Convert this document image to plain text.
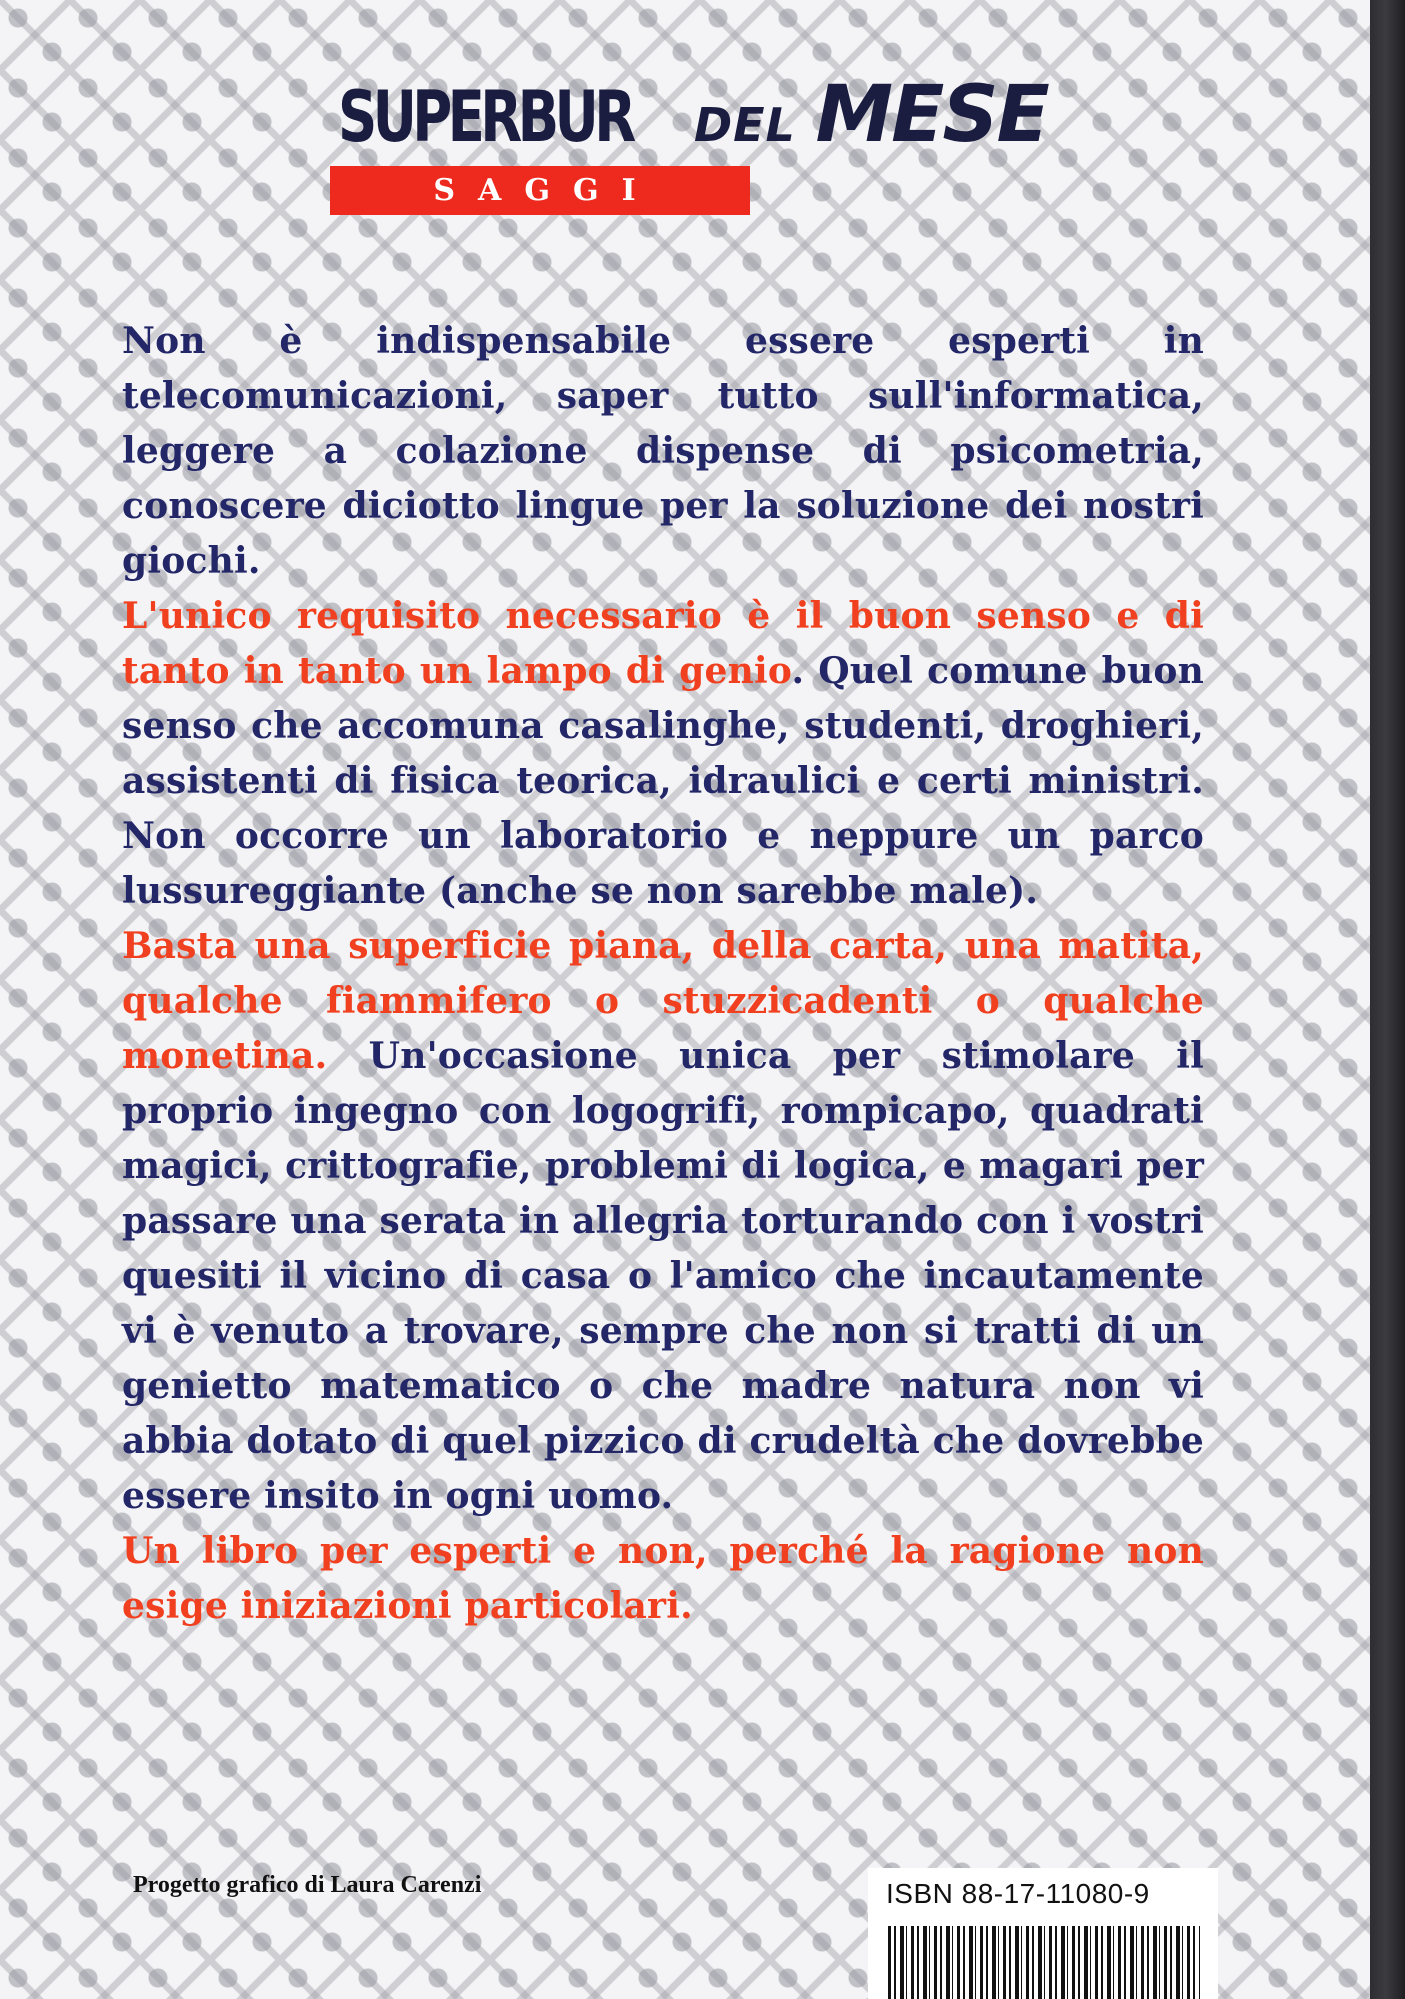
SUPERBUR DEL MESE
SAGGI

Non è indispensabile essere esperti in telecomunicazioni, saper tutto sull'informatica, leggere a colazione dispense di psicometria, conoscere diciotto lingue per la soluzione dei nostri giochi.

L'unico requisito necessario è il buon senso e di tanto in tanto un lampo di genio. Quel comune buon senso che accomuna casalinghe, studenti, droghieri, assistenti di fisica teorica, idraulici e certi ministri. Non occorre un laboratorio e neppure un parco lussureggiante (anche se non sarebbe male).

Basta una superficie piana, della carta, una matita, qualche fiammifero o stuzzicadenti o qualche monetina. Un'occasione unica per stimolare il proprio ingegno con logogrifi, rompicapo, quadrati magici, crittografie, problemi di logica, e magari per passare una serata in allegria torturando con i vostri quesiti il vicino di casa o l'amico che incautamente vi è venuto a trovare, sempre che non si tratti di un genietto matematico o che madre natura non vi abbia dotato di quel pizzico di crudeltà che dovrebbe essere insito in ogni uomo.

Un libro per esperti e non, perché la ragione non esige iniziazioni particolari.

Progetto grafico di Laura Carenzi	ISBN 88-17-11080-9
